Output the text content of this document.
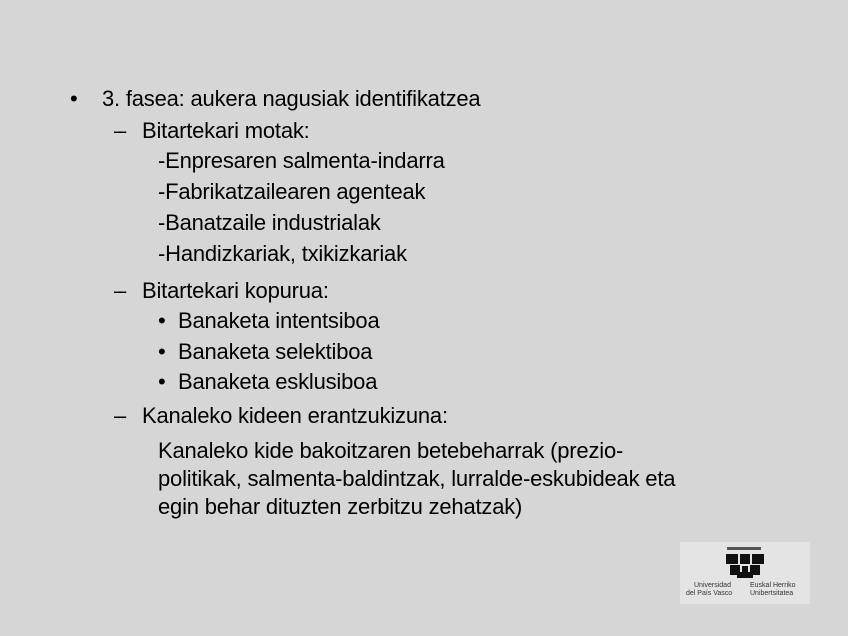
• 3. fasea: aukera nagusiak identifikatzea
– Bitartekari motak:
-Enpresaren salmenta-indarra
-Fabrikatzailearen agenteak
-Banatzaile industrialak
-Handizkariak, txikizkariak
– Bitartekari kopurua:
• Banaketa intentsiboa
• Banaketa selektiboa
• Banaketa esklusiboa
– Kanaleko kideen erantzukizuna:
Kanaleko kide bakoitzaren betebeharrak (prezio-
politikak, salmenta-baldintzak, lurralde-eskubideak eta
egin behar dituzten zerbitzu zehatzak)
Universidad
del País Vasco
Euskal Herriko
Unibertsitatea
